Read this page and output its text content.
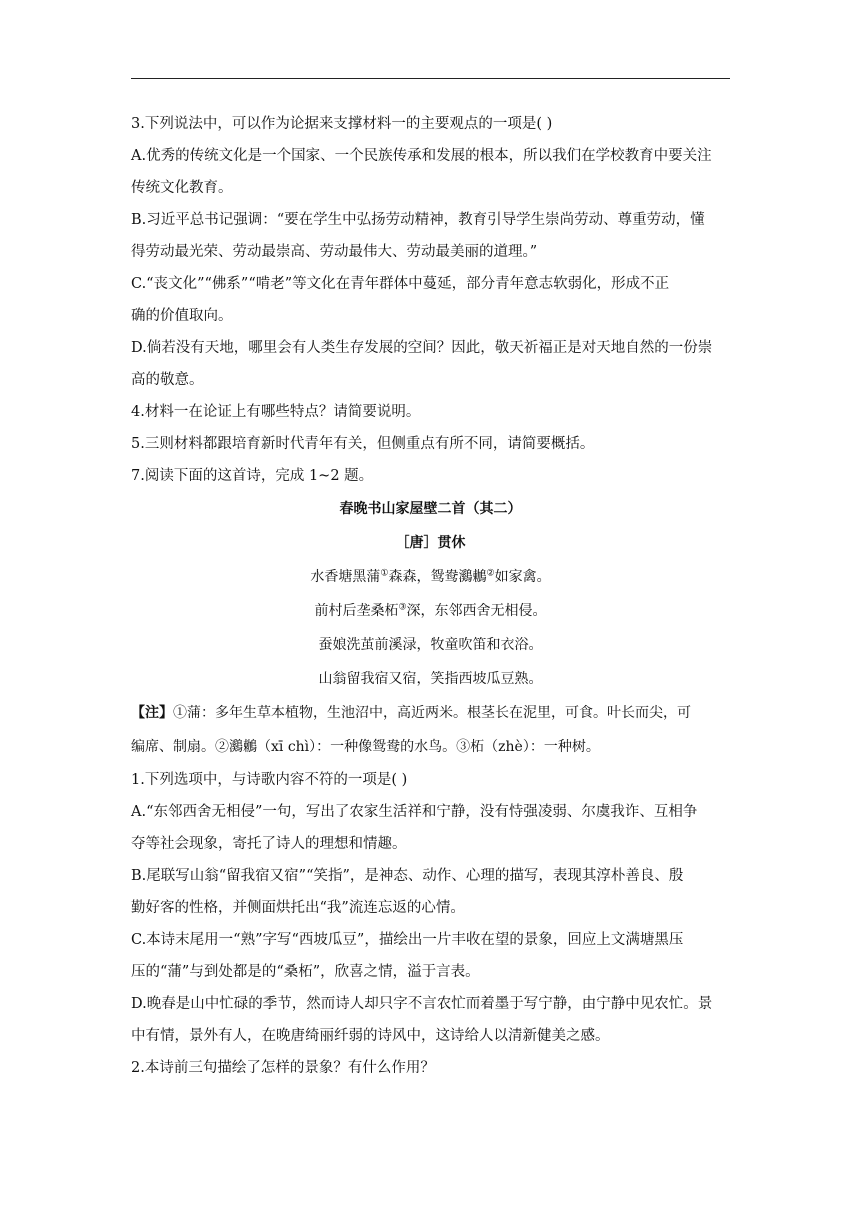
3.下列说法中，可以作为论据来支撑材料一的主要观点的一项是( )

A.优秀的传统文化是一个国家、一个民族传承和发展的根本，所以我们在学校教育中要关注

传统文化教育。

B.习近平总书记强调：“要在学生中弘扬劳动精神，教育引导学生崇尚劳动、尊重劳动，懂

得劳动最光荣、劳动最崇高、劳动最伟大、劳动最美丽的道理。”

C.“丧文化”“佛系”“啃老”等文化在青年群体中蔓延，部分青年意志软弱化，形成不正

确的价值取向。

D.倘若没有天地，哪里会有人类生存发展的空间？因此，敬天祈福正是对天地自然的一份崇

高的敬意。

4.材料一在论证上有哪些特点？请简要说明。

5.三则材料都跟培育新时代青年有关，但侧重点有所不同，请简要概括。

7.阅读下面的这首诗，完成 1~2 题。

春晚书山家屋壁二首（其二）

［唐］贯休

水香塘黑蒲①森森，鸳鸯鸂鶒②如家禽。

前村后垄桑柘③深，东邻西舍无相侵。

蚕娘洗茧前溪渌，牧童吹笛和衣浴。

山翁留我宿又宿，笑指西坡瓜豆熟。

【注】①蒲：多年生草本植物，生池沼中，高近两米。根茎长在泥里，可食。叶长而尖，可

编席、制扇。②鸂鶒（xī chì）：一种像鸳鸯的水鸟。③柘（zhè）：一种树。

1.下列选项中，与诗歌内容不符的一项是( )

A.“东邻西舍无相侵”一句，写出了农家生活祥和宁静，没有恃强凌弱、尔虞我诈、互相争

夺等社会现象，寄托了诗人的理想和情趣。

B.尾联写山翁“留我宿又宿”“笑指”，是神态、动作、心理的描写，表现其淳朴善良、殷

勤好客的性格，并侧面烘托出“我”流连忘返的心情。

C.本诗末尾用一“熟”字写“西坡瓜豆”，描绘出一片丰收在望的景象，回应上文满塘黑压

压的“蒲”与到处都是的“桑柘”，欣喜之情，溢于言表。

D.晚春是山中忙碌的季节，然而诗人却只字不言农忙而着墨于写宁静，由宁静中见农忙。景

中有情，景外有人，在晚唐绮丽纤弱的诗风中，这诗给人以清新健美之感。

2.本诗前三句描绘了怎样的景象？有什么作用？
